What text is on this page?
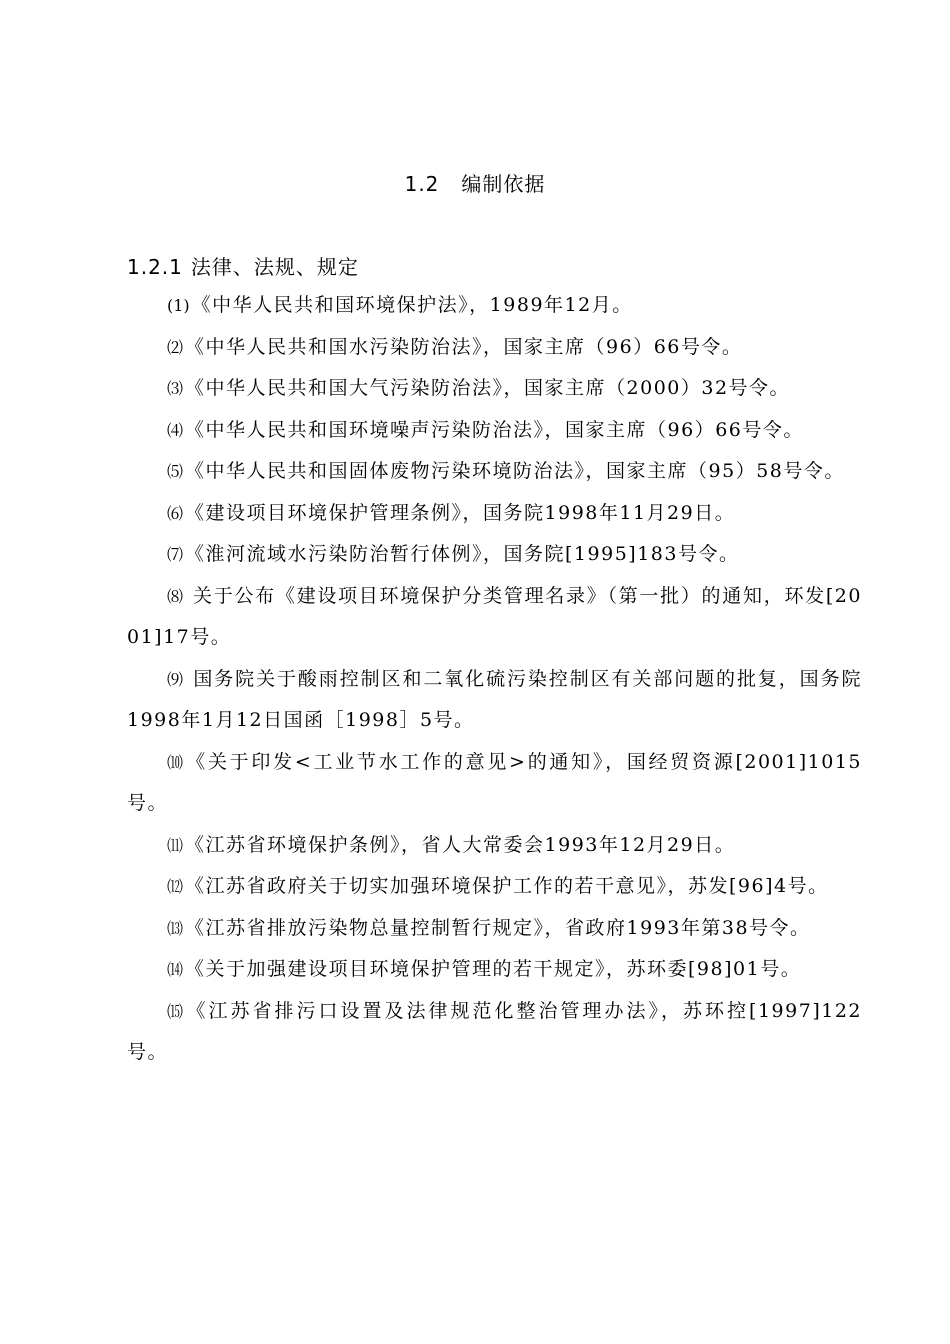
1.2 编制依据
1.2.1 法律、法规、规定

(1) 《中华人民共和国环境保护法》，1989年12月。

⑵ 《中华人民共和国水污染防治法》，国家主席（96）66号令。

⑶ 《中华人民共和国大气污染防治法》，国家主席（2000）32号令。

⑷ 《中华人民共和国环境噪声污染防治法》，国家主席（96）66号令。

⑸ 《中华人民共和国固体废物污染环境防治法》，国家主席（95）58号令。

⑹ 《建设项目环境保护管理条例》，国务院1998年11月29日。

⑺ 《淮河流域水污染防治暂行体例》，国务院[1995]183号令。

⑻ 关于公布《建设项目环境保护分类管理名录》（第一批）的通知，环发[2001]17号。

⑼ 国务院关于酸雨控制区和二氧化硫污染控制区有关部问题的批复，国务院1998年1月12日国函［1998］5号。

⑽ 《关于印发<工业节水工作的意见>的通知》，国经贸资源[2001]1015号。

⑾ 《江苏省环境保护条例》，省人大常委会1993年12月29日。

⑿ 《江苏省政府关于切实加强环境保护工作的若干意见》，苏发[96]4号。

⒀ 《江苏省排放污染物总量控制暂行规定》，省政府1993年第38号令。

⒁ 《关于加强建设项目环境保护管理的若干规定》，苏环委[98]01号。

⒂ 《江苏省排污口设置及法律规范化整治管理办法》，苏环控[1997]122号。
